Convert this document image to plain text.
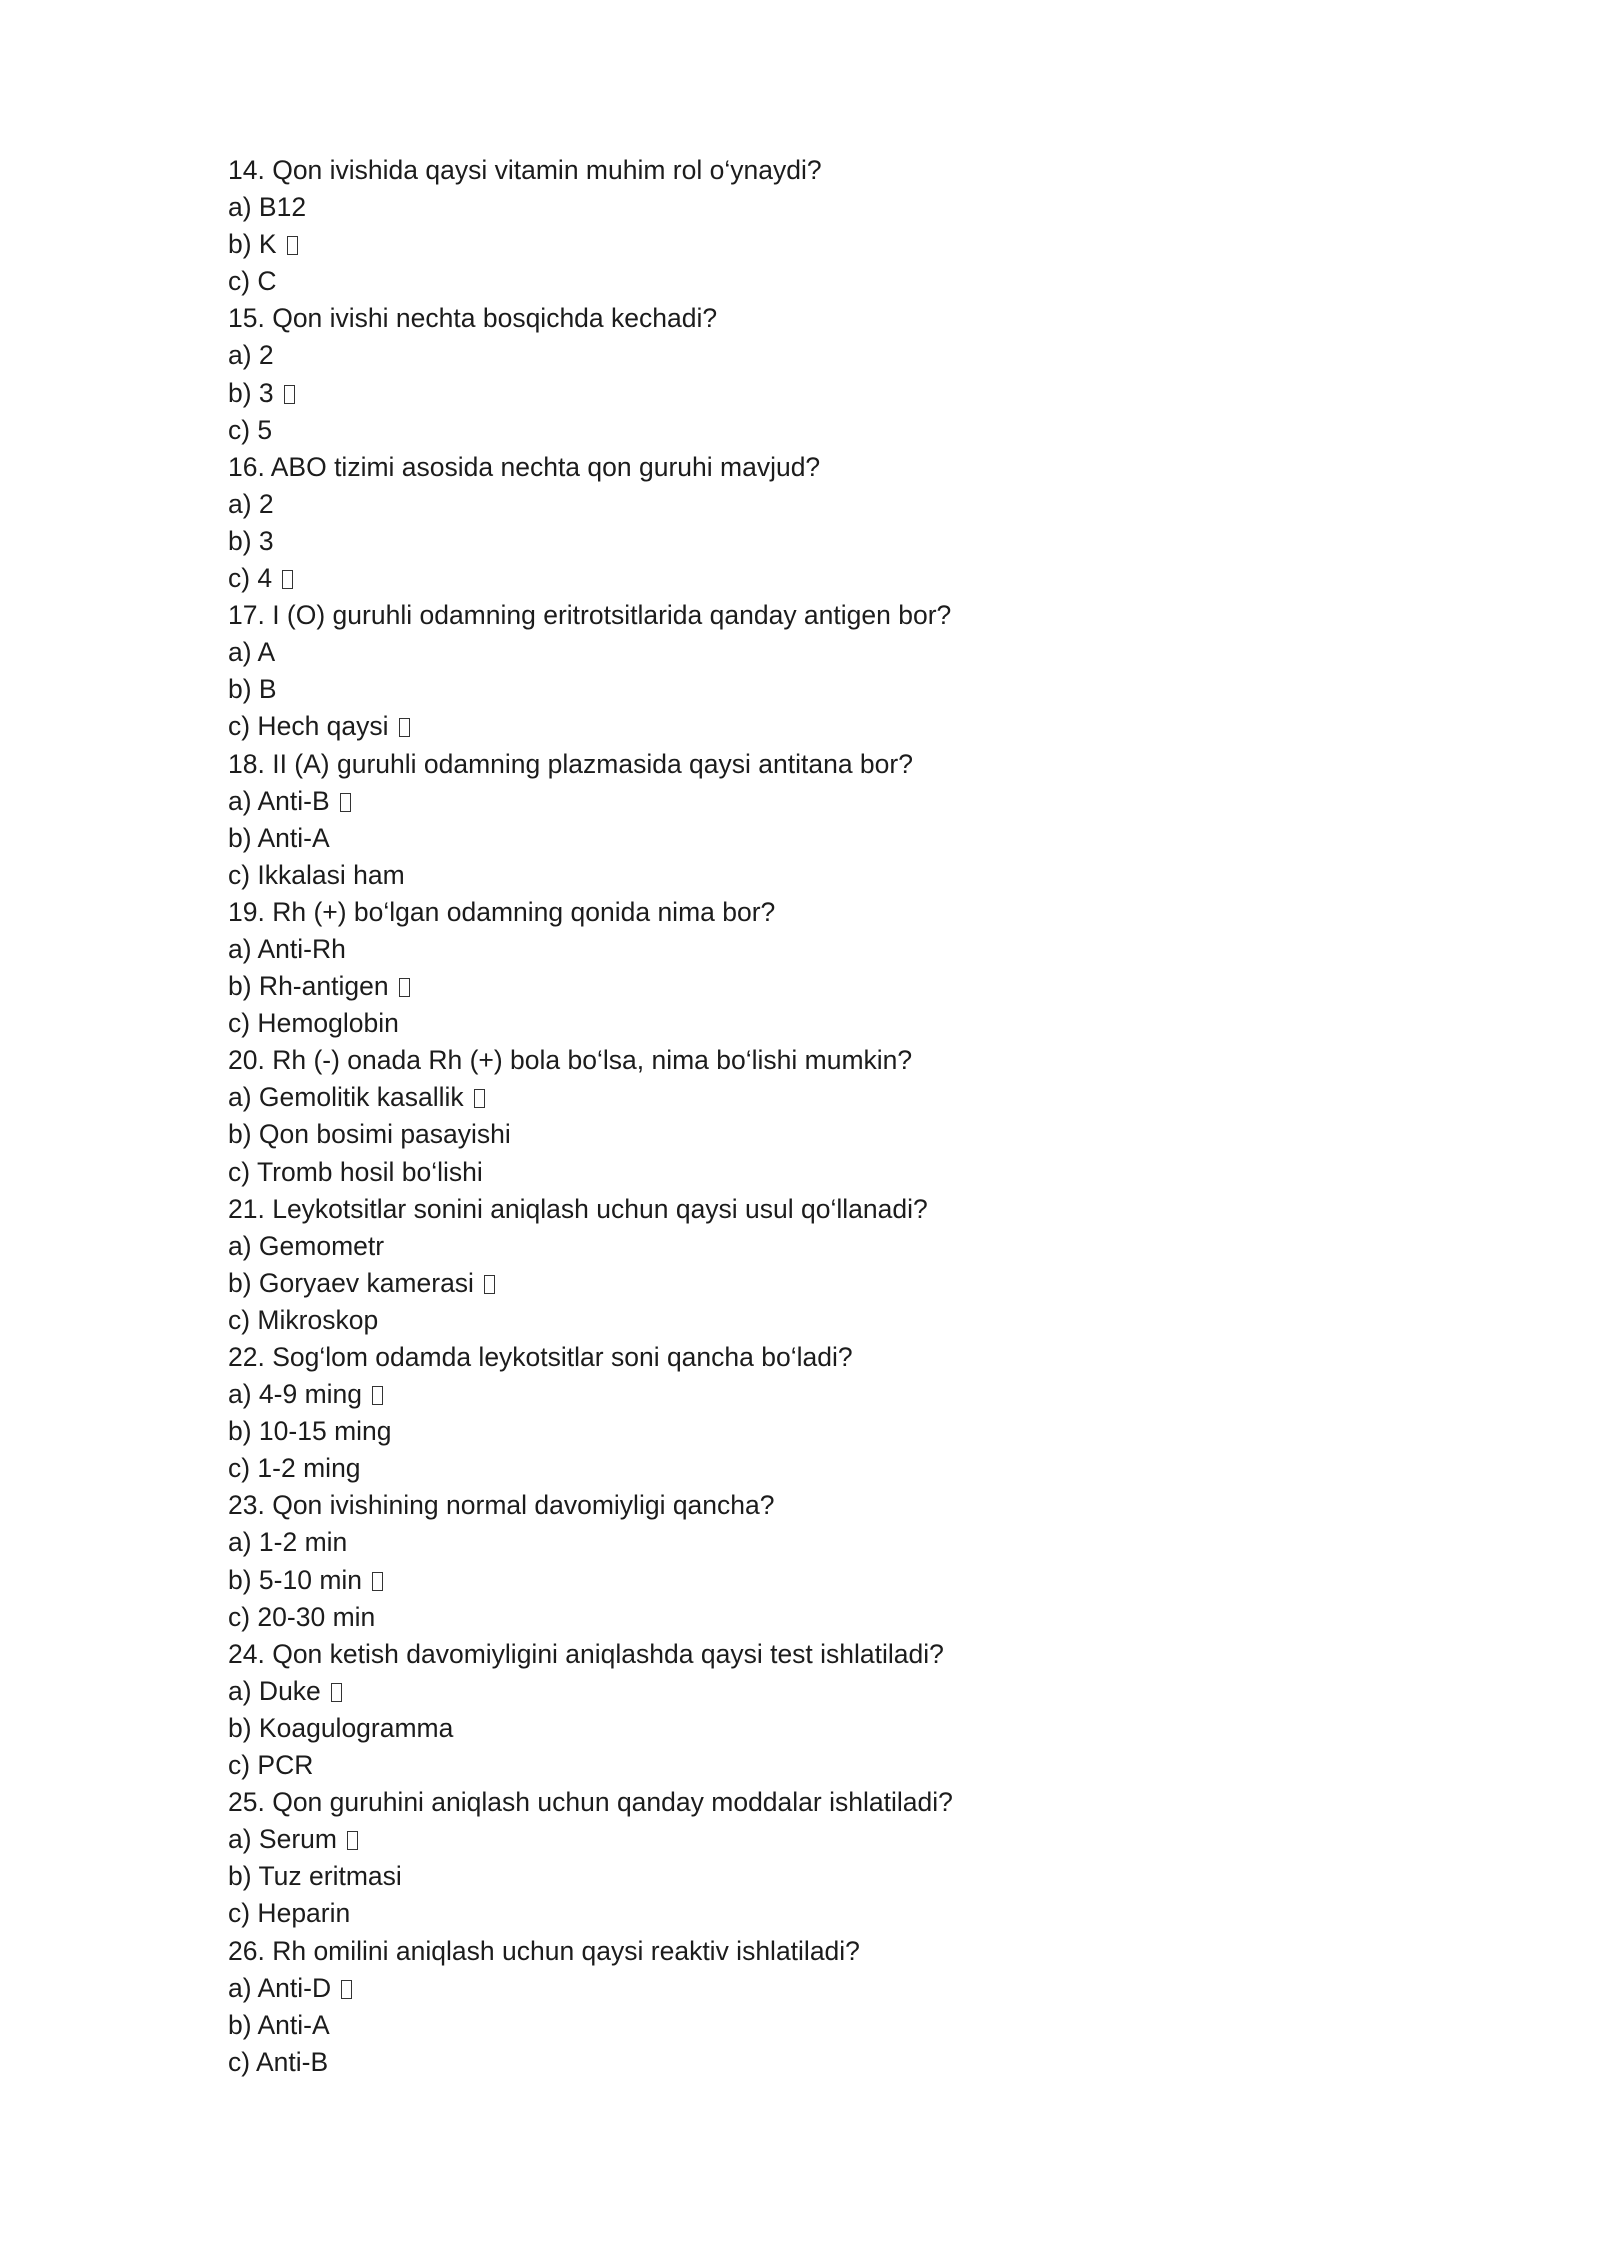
14. Qon ivishida qaysi vitamin muhim rol o‘ynaydi?
a) B12
b) K
c) C
15. Qon ivishi nechta bosqichda kechadi?
a) 2
b) 3
c) 5
16. ABO tizimi asosida nechta qon guruhi mavjud?
a) 2
b) 3
c) 4
17. I (O) guruhli odamning eritrotsitlarida qanday antigen bor?
a) A
b) B
c) Hech qaysi
18. II (A) guruhli odamning plazmasida qaysi antitana bor?
a) Anti-B
b) Anti-A
c) Ikkalasi ham
19. Rh (+) bo‘lgan odamning qonida nima bor?
a) Anti-Rh
b) Rh-antigen
c) Hemoglobin
20. Rh (-) onada Rh (+) bola bo‘lsa, nima bo‘lishi mumkin?
a) Gemolitik kasallik
b) Qon bosimi pasayishi
c) Tromb hosil bo‘lishi
21. Leykotsitlar sonini aniqlash uchun qaysi usul qo‘llanadi?
a) Gemometr
b) Goryaev kamerasi
c) Mikroskop
22. Sog‘lom odamda leykotsitlar soni qancha bo‘ladi?
a) 4-9 ming
b) 10-15 ming
c) 1-2 ming
23. Qon ivishining normal davomiyligi qancha?
a) 1-2 min
b) 5-10 min
c) 20-30 min
24. Qon ketish davomiyligini aniqlashda qaysi test ishlatiladi?
a) Duke
b) Koagulogramma
c) PCR
25. Qon guruhini aniqlash uchun qanday moddalar ishlatiladi?
a) Serum
b) Tuz eritmasi
c) Heparin
26. Rh omilini aniqlash uchun qaysi reaktiv ishlatiladi?
a) Anti-D
b) Anti-A
c) Anti-B
